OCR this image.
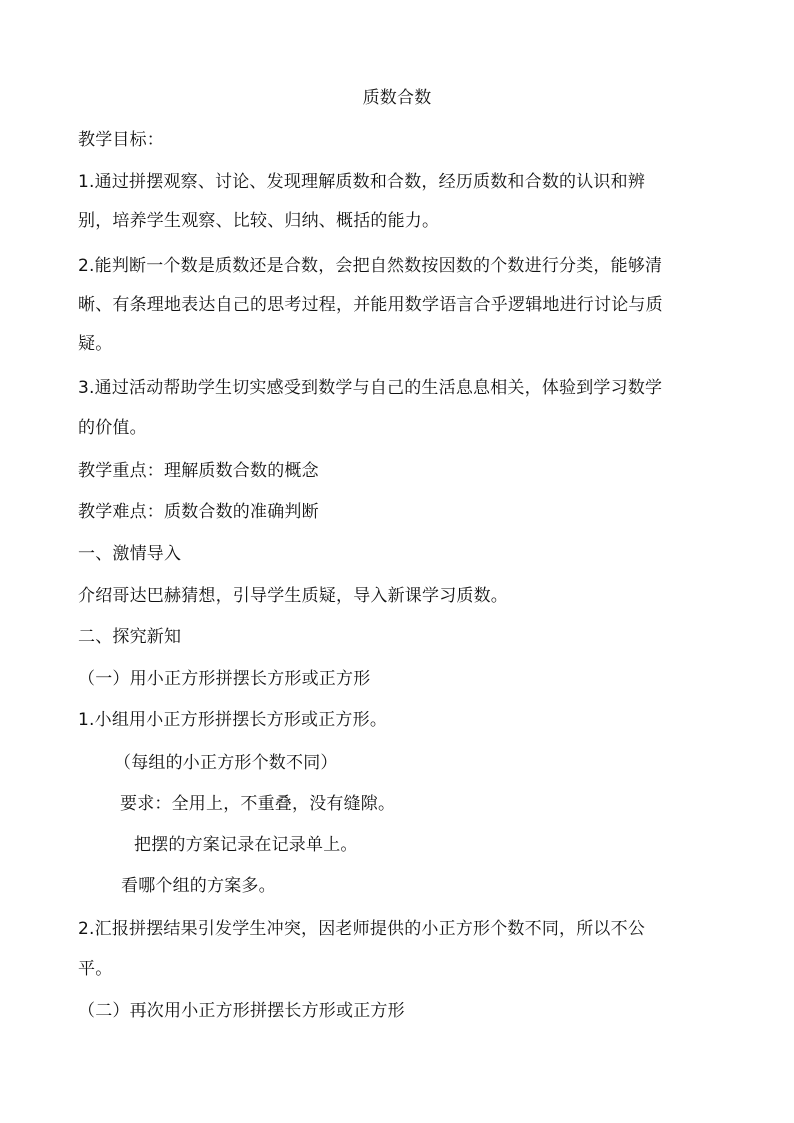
质数合数
教学目标：
1.通过拼摆观察、讨论、发现理解质数和合数，经历质数和合数的认识和辨
别，培养学生观察、比较、归纳、概括的能力。
2.能判断一个数是质数还是合数，会把自然数按因数的个数进行分类，能够清
晰、有条理地表达自己的思考过程，并能用数学语言合乎逻辑地进行讨论与质
疑。
3.通过活动帮助学生切实感受到数学与自己的生活息息相关，体验到学习数学
的价值。
教学重点：理解质数合数的概念
教学难点：质数合数的准确判断
一、激情导入
介绍哥达巴赫猜想，引导学生质疑，导入新课学习质数。
二、探究新知
（一）用小正方形拼摆长方形或正方形
1.小组用小正方形拼摆长方形或正方形。
（每组的小正方形个数不同）
要求：全用上，不重叠，没有缝隙。
把摆的方案记录在记录单上。
看哪个组的方案多。
2.汇报拼摆结果引发学生冲突，因老师提供的小正方形个数不同，所以不公
平。
（二）再次用小正方形拼摆长方形或正方形
